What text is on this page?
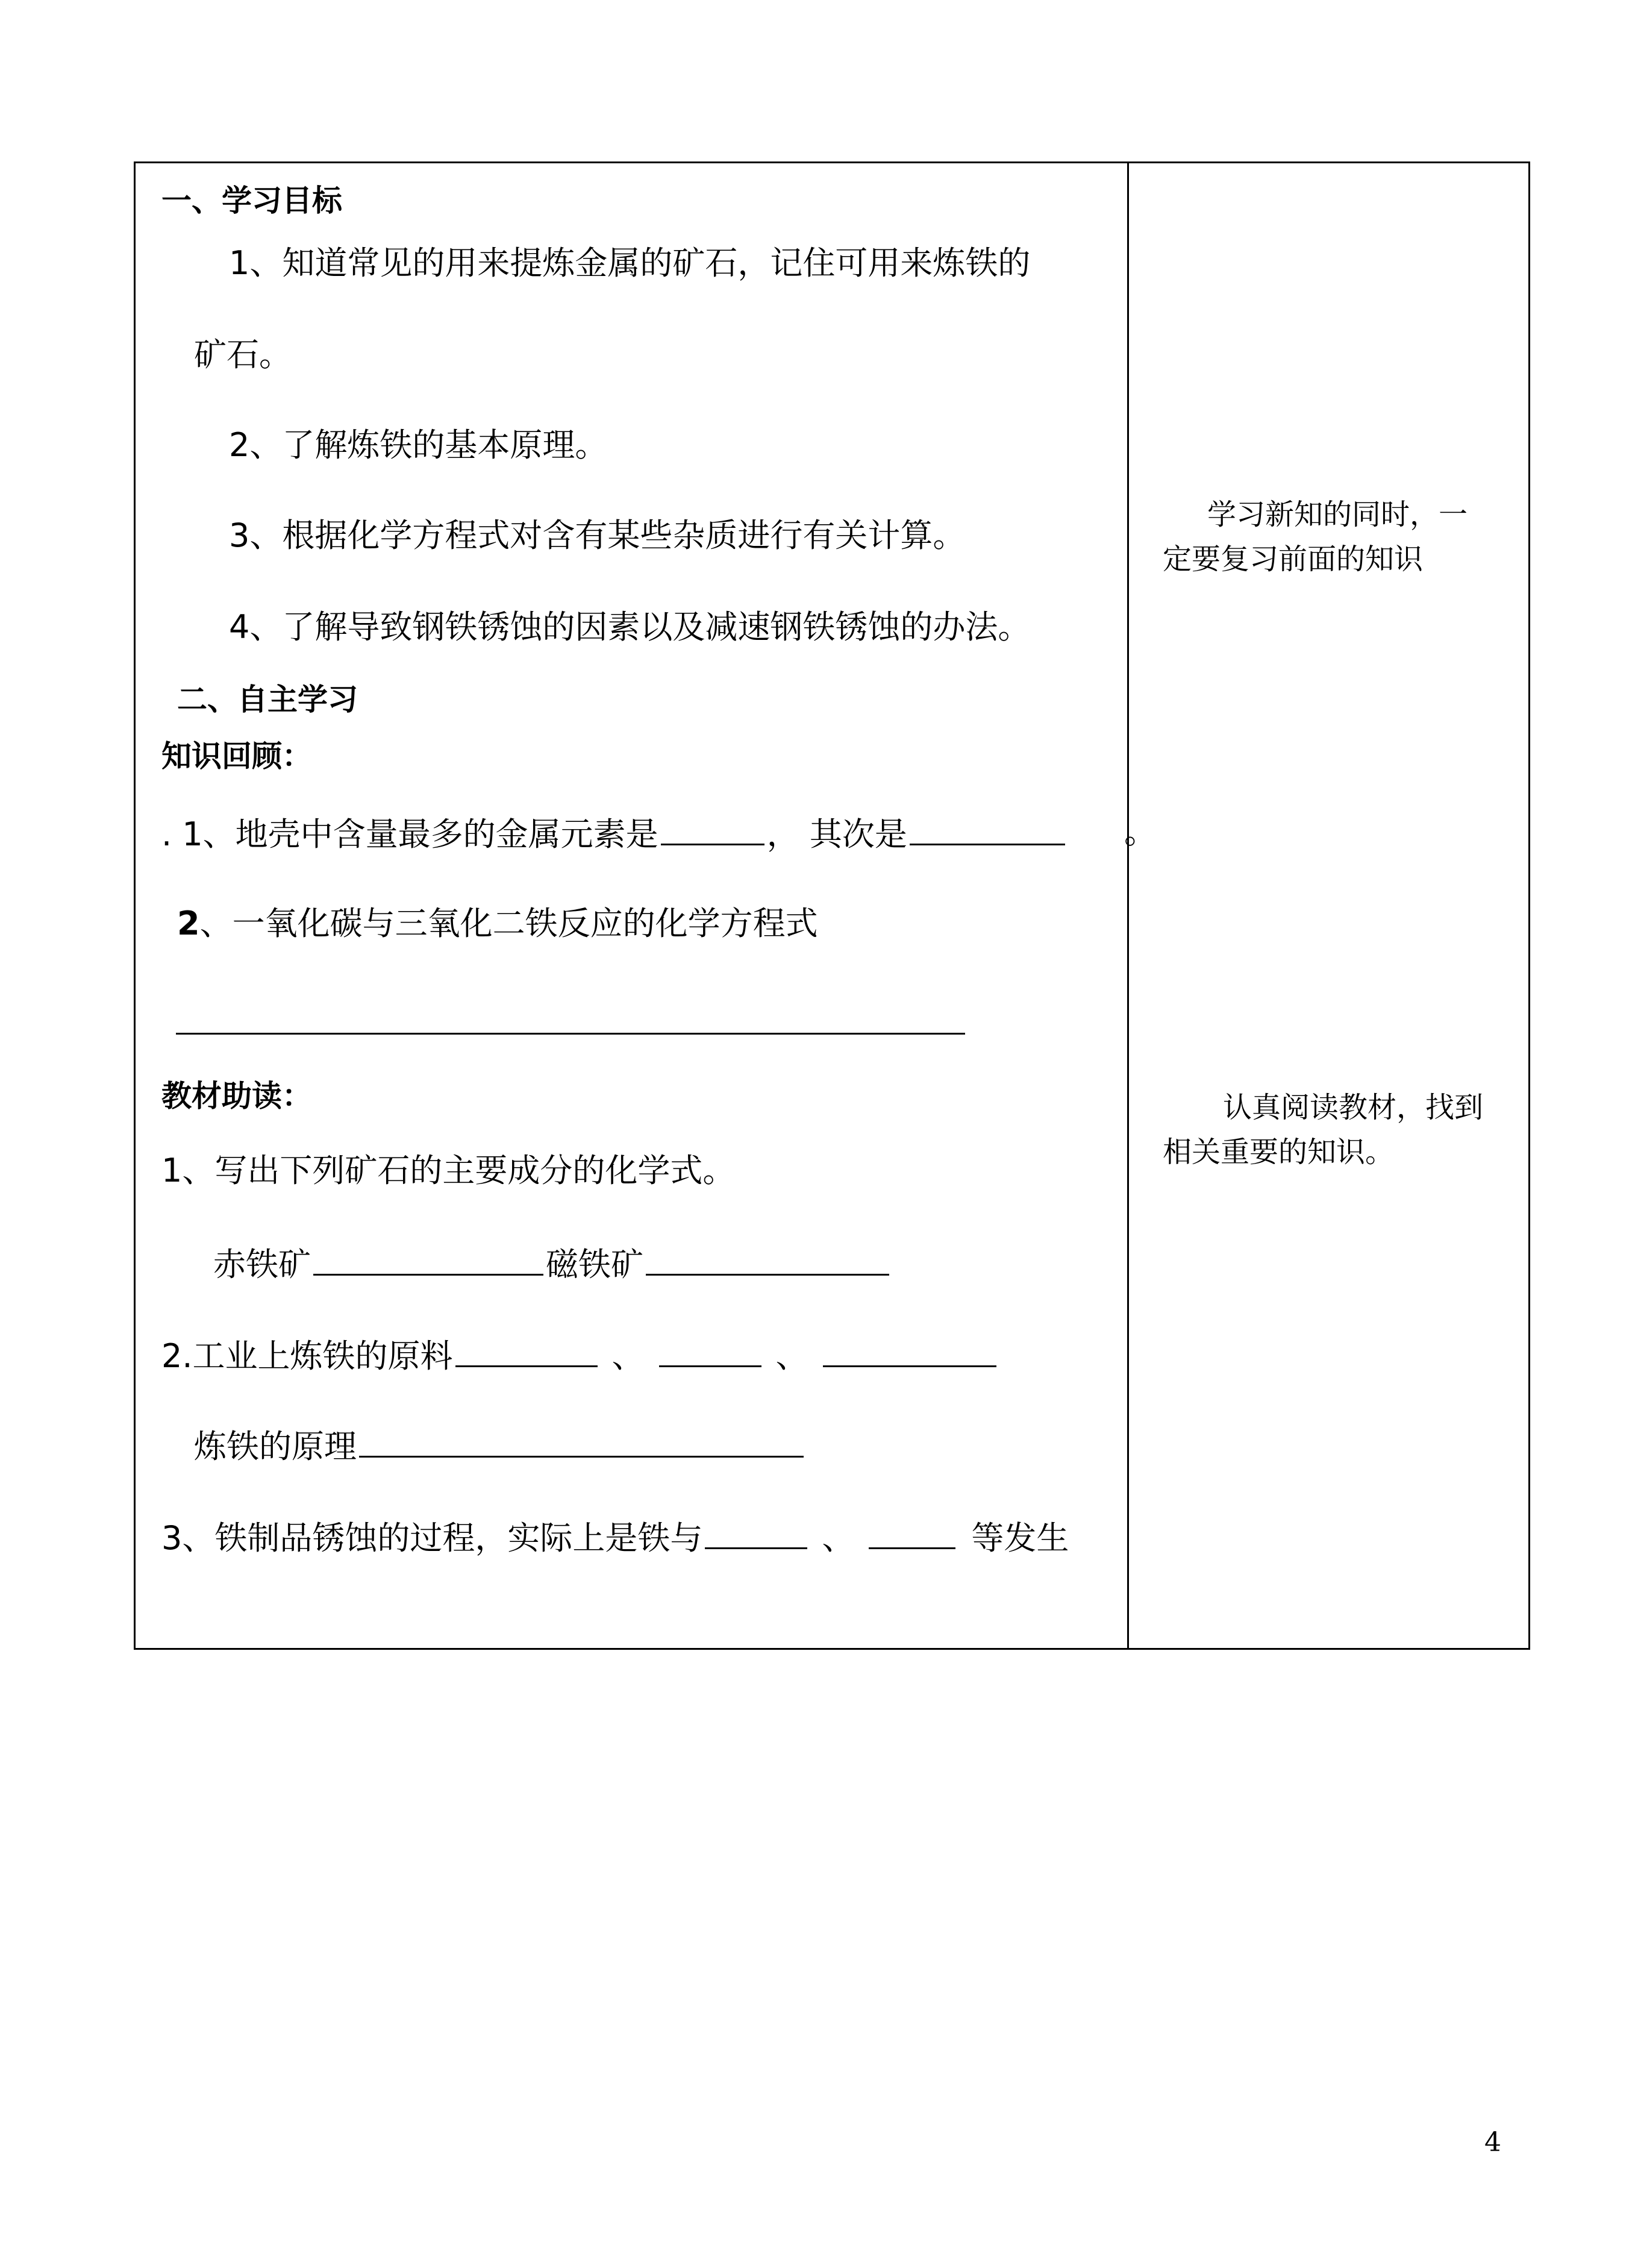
一、学习目标
1、知道常见的用来提炼金属的矿石，记住可用来炼铁的
矿石。
2、了解炼铁的基本原理。
3、根据化学方程式对含有某些杂质进行有关计算。
4、了解导致钢铁锈蚀的因素以及减速钢铁锈蚀的办法。
二、自主学习
知识回顾：
. 1、地壳中含量最多的金属元素是	， 其次是	。
2、一氧化碳与三氧化二铁反应的化学方程式
教材助读：
1、写出下列矿石的主要成分的化学式。
赤铁矿	磁铁矿
2.工业上炼铁的原料	、	、
炼铁的原理
3、铁制品锈蚀的过程，实际上是铁与	、	等发生
学习新知的同时，一
定要复习前面的知识
认真阅读教材，找到
相关重要的知识。
4
